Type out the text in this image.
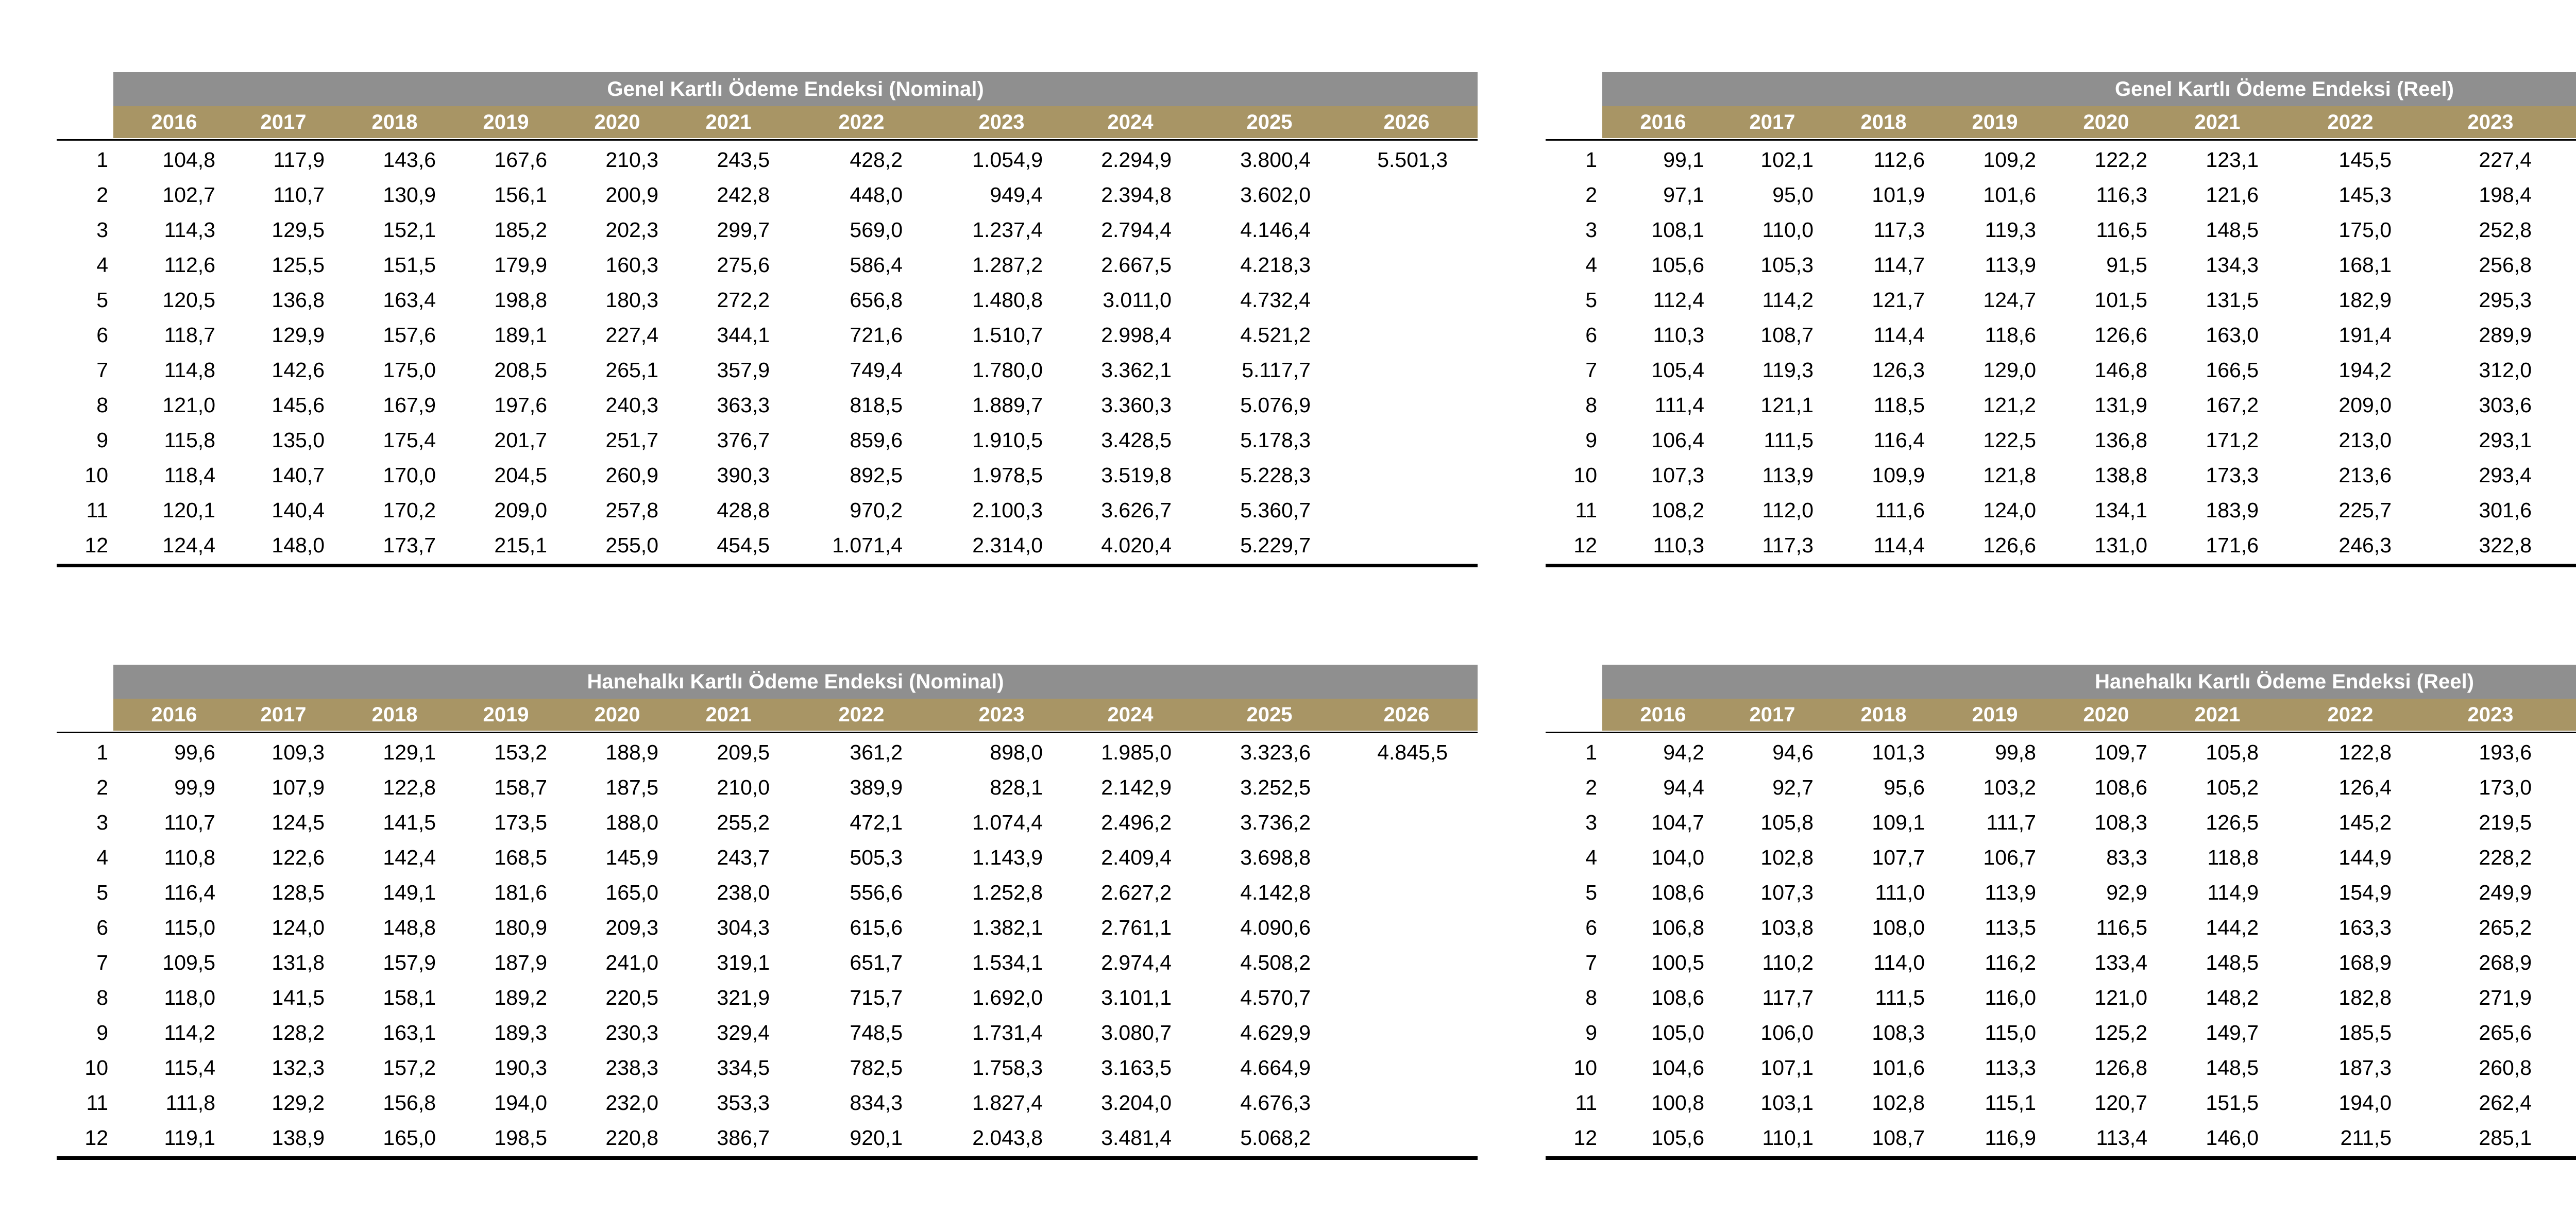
Genel Kartlı Ödeme Endeksi (Nominal)
2016	2017	2018	2019	2020	2021	2022	2023	2024	2025	2026
1	104,8	117,9	143,6	167,6	210,3	243,5	428,2	1.054,9	2.294,9	3.800,4	5.501,3
2	102,7	110,7	130,9	156,1	200,9	242,8	448,0	949,4	2.394,8	3.602,0
3	114,3	129,5	152,1	185,2	202,3	299,7	569,0	1.237,4	2.794,4	4.146,4
4	112,6	125,5	151,5	179,9	160,3	275,6	586,4	1.287,2	2.667,5	4.218,3
5	120,5	136,8	163,4	198,8	180,3	272,2	656,8	1.480,8	3.011,0	4.732,4
6	118,7	129,9	157,6	189,1	227,4	344,1	721,6	1.510,7	2.998,4	4.521,2
7	114,8	142,6	175,0	208,5	265,1	357,9	749,4	1.780,0	3.362,1	5.117,7
8	121,0	145,6	167,9	197,6	240,3	363,3	818,5	1.889,7	3.360,3	5.076,9
9	115,8	135,0	175,4	201,7	251,7	376,7	859,6	1.910,5	3.428,5	5.178,3
10	118,4	140,7	170,0	204,5	260,9	390,3	892,5	1.978,5	3.519,8	5.228,3
11	120,1	140,4	170,2	209,0	257,8	428,8	970,2	2.100,3	3.626,7	5.360,7
12	124,4	148,0	173,7	215,1	255,0	454,5	1.071,4	2.314,0	4.020,4	5.229,7
Genel Kartlı Ödeme Endeksi (Reel)
2016	2017	2018	2019	2020	2021	2022	2023
1	99,1	102,1	112,6	109,2	122,2	123,1	145,5	227,4
2	97,1	95,0	101,9	101,6	116,3	121,6	145,3	198,4
3	108,1	110,0	117,3	119,3	116,5	148,5	175,0	252,8
4	105,6	105,3	114,7	113,9	91,5	134,3	168,1	256,8
5	112,4	114,2	121,7	124,7	101,5	131,5	182,9	295,3
6	110,3	108,7	114,4	118,6	126,6	163,0	191,4	289,9
7	105,4	119,3	126,3	129,0	146,8	166,5	194,2	312,0
8	111,4	121,1	118,5	121,2	131,9	167,2	209,0	303,6
9	106,4	111,5	116,4	122,5	136,8	171,2	213,0	293,1
10	107,3	113,9	109,9	121,8	138,8	173,3	213,6	293,4
11	108,2	112,0	111,6	124,0	134,1	183,9	225,7	301,6
12	110,3	117,3	114,4	126,6	131,0	171,6	246,3	322,8
Hanehalkı Kartlı Ödeme Endeksi (Nominal)
2016	2017	2018	2019	2020	2021	2022	2023	2024	2025	2026
1	99,6	109,3	129,1	153,2	188,9	209,5	361,2	898,0	1.985,0	3.323,6	4.845,5
2	99,9	107,9	122,8	158,7	187,5	210,0	389,9	828,1	2.142,9	3.252,5
3	110,7	124,5	141,5	173,5	188,0	255,2	472,1	1.074,4	2.496,2	3.736,2
4	110,8	122,6	142,4	168,5	145,9	243,7	505,3	1.143,9	2.409,4	3.698,8
5	116,4	128,5	149,1	181,6	165,0	238,0	556,6	1.252,8	2.627,2	4.142,8
6	115,0	124,0	148,8	180,9	209,3	304,3	615,6	1.382,1	2.761,1	4.090,6
7	109,5	131,8	157,9	187,9	241,0	319,1	651,7	1.534,1	2.974,4	4.508,2
8	118,0	141,5	158,1	189,2	220,5	321,9	715,7	1.692,0	3.101,1	4.570,7
9	114,2	128,2	163,1	189,3	230,3	329,4	748,5	1.731,4	3.080,7	4.629,9
10	115,4	132,3	157,2	190,3	238,3	334,5	782,5	1.758,3	3.163,5	4.664,9
11	111,8	129,2	156,8	194,0	232,0	353,3	834,3	1.827,4	3.204,0	4.676,3
12	119,1	138,9	165,0	198,5	220,8	386,7	920,1	2.043,8	3.481,4	5.068,2
Hanehalkı Kartlı Ödeme Endeksi (Reel)
2016	2017	2018	2019	2020	2021	2022	2023
1	94,2	94,6	101,3	99,8	109,7	105,8	122,8	193,6
2	94,4	92,7	95,6	103,2	108,6	105,2	126,4	173,0
3	104,7	105,8	109,1	111,7	108,3	126,5	145,2	219,5
4	104,0	102,8	107,7	106,7	83,3	118,8	144,9	228,2
5	108,6	107,3	111,0	113,9	92,9	114,9	154,9	249,9
6	106,8	103,8	108,0	113,5	116,5	144,2	163,3	265,2
7	100,5	110,2	114,0	116,2	133,4	148,5	168,9	268,9
8	108,6	117,7	111,5	116,0	121,0	148,2	182,8	271,9
9	105,0	106,0	108,3	115,0	125,2	149,7	185,5	265,6
10	104,6	107,1	101,6	113,3	126,8	148,5	187,3	260,8
11	100,8	103,1	102,8	115,1	120,7	151,5	194,0	262,4
12	105,6	110,1	108,7	116,9	113,4	146,0	211,5	285,1
